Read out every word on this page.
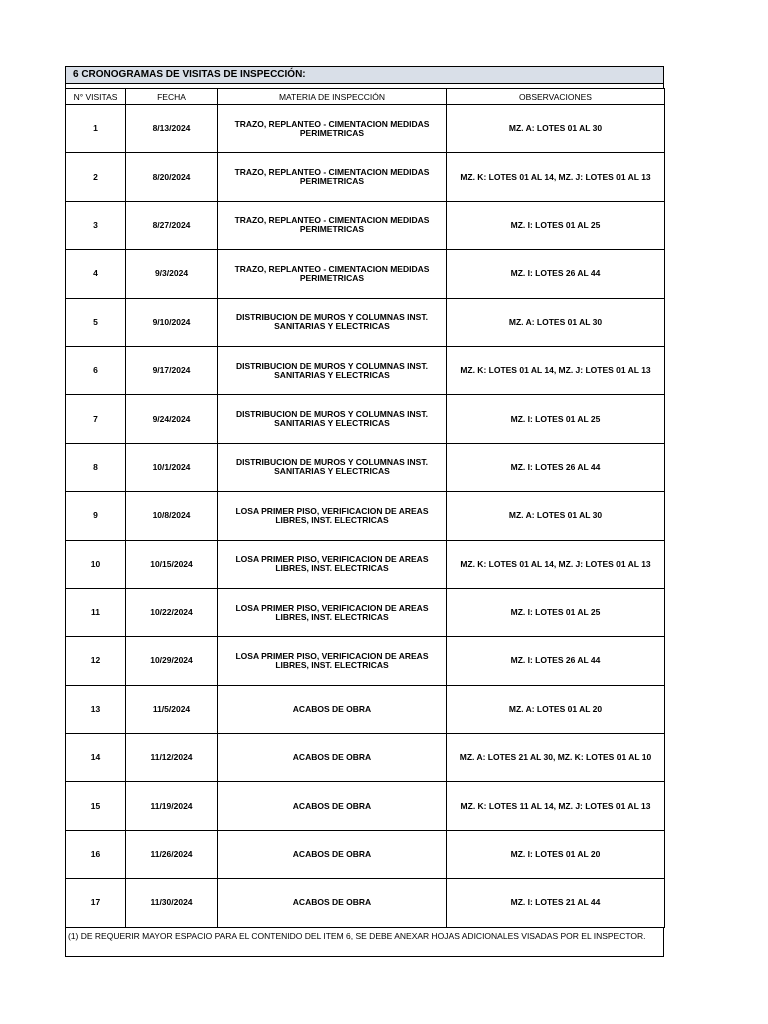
6 CRONOGRAMAS DE VISITAS DE INSPECCIÓN:
N° VISITAS	FECHA	MATERIA DE INSPECCIÓN	OBSERVACIONES
1	8/13/2024	TRAZO, REPLANTEO - CIMENTACION MEDIDAS PERIMETRICAS	MZ. A: LOTES 01 AL 30
2	8/20/2024	TRAZO, REPLANTEO - CIMENTACION MEDIDAS PERIMETRICAS	MZ. K: LOTES 01 AL 14, MZ. J: LOTES 01 AL 13
3	8/27/2024	TRAZO, REPLANTEO - CIMENTACION MEDIDAS PERIMETRICAS	MZ. I: LOTES 01 AL 25
4	9/3/2024	TRAZO, REPLANTEO - CIMENTACION MEDIDAS PERIMETRICAS	MZ. I: LOTES 26 AL 44
5	9/10/2024	DISTRIBUCION DE MUROS Y COLUMNAS INST. SANITARIAS Y ELECTRICAS	MZ. A: LOTES 01 AL 30
6	9/17/2024	DISTRIBUCION DE MUROS Y COLUMNAS INST. SANITARIAS Y ELECTRICAS	MZ. K: LOTES 01 AL 14, MZ. J: LOTES 01 AL 13
7	9/24/2024	DISTRIBUCION DE MUROS Y COLUMNAS INST. SANITARIAS Y ELECTRICAS	MZ. I: LOTES 01 AL 25
8	10/1/2024	DISTRIBUCION DE MUROS Y COLUMNAS INST. SANITARIAS Y ELECTRICAS	MZ. I: LOTES 26 AL 44
9	10/8/2024	LOSA PRIMER PISO, VERIFICACION DE AREAS LIBRES, INST. ELECTRICAS	MZ. A: LOTES 01 AL 30
10	10/15/2024	LOSA PRIMER PISO, VERIFICACION DE AREAS LIBRES, INST. ELECTRICAS	MZ. K: LOTES 01 AL 14, MZ. J: LOTES 01 AL 13
11	10/22/2024	LOSA PRIMER PISO, VERIFICACION DE AREAS LIBRES, INST. ELECTRICAS	MZ. I: LOTES 01 AL 25
12	10/29/2024	LOSA PRIMER PISO, VERIFICACION DE AREAS LIBRES, INST. ELECTRICAS	MZ. I: LOTES 26 AL 44
13	11/5/2024	ACABOS DE OBRA	MZ. A: LOTES 01 AL 20
14	11/12/2024	ACABOS DE OBRA	MZ. A: LOTES 21 AL 30, MZ. K: LOTES 01 AL 10
15	11/19/2024	ACABOS DE OBRA	MZ. K: LOTES 11 AL 14, MZ. J: LOTES 01 AL 13
16	11/26/2024	ACABOS DE OBRA	MZ. I: LOTES 01 AL 20
17	11/30/2024	ACABOS DE OBRA	MZ. I: LOTES 21 AL 44
(1) DE REQUERIR MAYOR ESPACIO PARA EL CONTENIDO DEL ITEM 6, SE DEBE ANEXAR HOJAS ADICIONALES VISADAS POR EL INSPECTOR.
